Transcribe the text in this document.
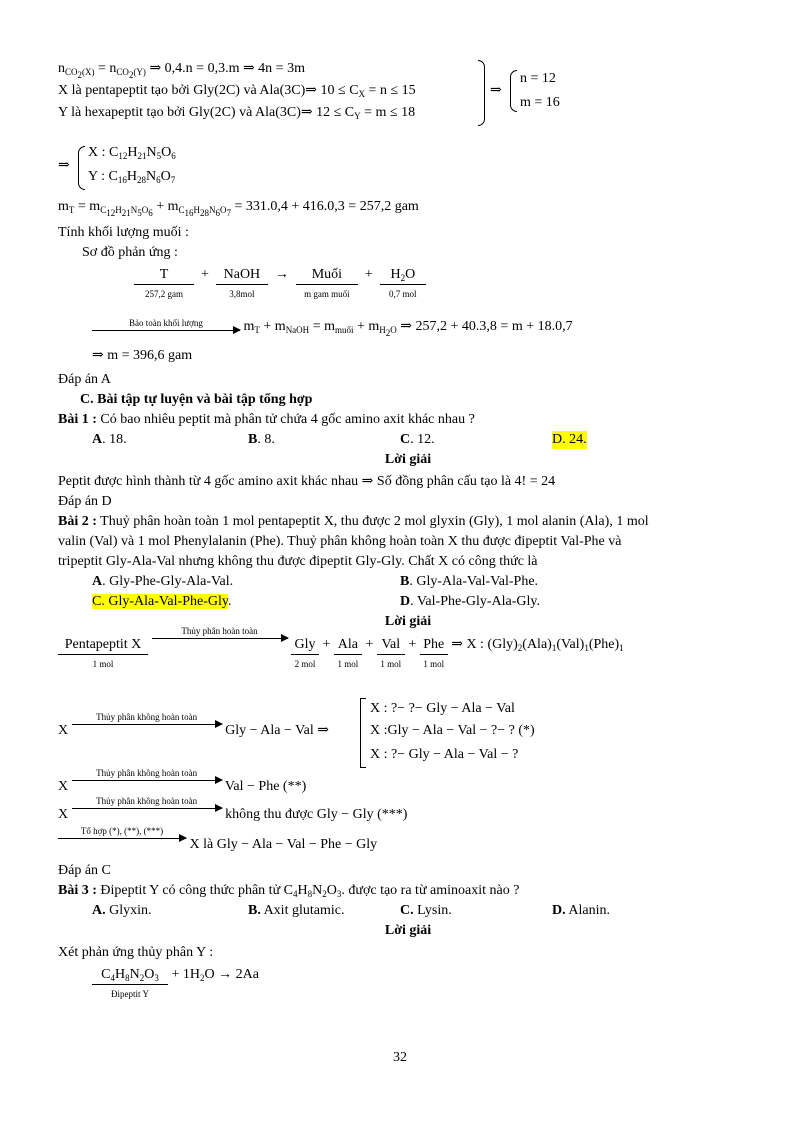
$n_{CO_2(X)} = n_{CO_2(Y)}$ ⇒ 0,4.n = 0,3.m ⇒ 4n = 3m
X là pentapeptit tạo bởi Gly(2C) và Ala(3C)⇒ $10 \le C_X = n \le 15$
Y là hexapeptit tạo bởi Gly(2C) và Ala(3C)⇒ $12 \le C_Y = m \le 18$
⇒
n = 12
m = 16
⇒
X : $C_{12}H_{21}N_5O_6$
Y : $C_{16}H_{28}N_6O_7$
$m_T = m_{C_{12}H_{21}N_5O_6} + m_{C_{16}H_{28}N_6O_7} = 331.0,4 + 416.0,3 = 257,2$ gam
Tính khối lượng muối :
Sơ đồ phản ứng :
T
257,2 gam
+ NaOH
3,8mol
→	Muối
m gam muối
+ $H_2O$
0,7 mol
Bảo toàn khối lượng	$m_T + m_{NaOH} = m_{muối} + m_{H_2O}$ ⇒ 257,2 + 40.3,8 = m + 18.0,7
⇒ m = 396,6 gam
Đáp án A
C. Bài tập tự luyện và bài tập tổng hợp
Bài 1 : Có bao nhiêu peptit mà phân tử chứa 4 gốc amino axit khác nhau ?
A. 18.	B. 8.	C. 12.	D. 24.
Lời giải
Peptit được hình thành từ 4 gốc amino axit khác nhau ⇒ Số đồng phân cấu tạo là 4! = 24
Đáp án D
Bài 2 : Thuỷ phân hoàn toàn 1 mol pentapeptit X, thu được 2 mol glyxin (Gly), 1 mol alanin (Ala), 1 mol
valin (Val) và 1 mol Phenylalanin (Phe). Thuỷ phân không hoàn toàn X thu được đipeptit Val-Phe và
tripeptit Gly-Ala-Val nhưng không thu được đipeptit Gly-Gly. Chất X có công thức là
A. Gly-Phe-Gly-Ala-Val.	B. Gly-Ala-Val-Val-Phe.
C. Gly-Ala-Val-Phe-Gly.	D. Val-Phe-Gly-Ala-Gly.
Lời giải
Pentapeptit X
1 mol

Thủy phân hoàn toàn

Gly
2 mol
+ Ala
1 mol
+ Val
1 mol
+ Phe
1 mol
⇒ X : $(Gly)_2(Ala)_1(Val)_1(Phe)_1$
X
Thủy phân không hoàn toàn
Gly − Ala − Val ⇒
X : ?− ?− Gly − Ala − Val
X :Gly − Ala − Val − ?− ? (*)
X : ?− Gly − Ala − Val − ?
X
Thủy phân không hoàn toàn
Val − Phe (**)
X
Thủy phân không hoàn toàn
không thu được Gly − Gly (***)
Tổ hợp (*), (**), (***)
X là Gly − Ala − Val − Phe − Gly
Đáp án C
Bài 3 : Đipeptit Y có công thức phân tử $C_4H_8N_2O_3$. được tạo ra từ aminoaxit nào ?
A. Glyxin.	B. Axit glutamic.	C. Lysin.	D. Alanin.
Lời giải
Xét phản ứng thủy phân Y :
$C_4H_8N_2O_3$
Đipeptit Y
+ $1H_2O \to 2Aa$
32
